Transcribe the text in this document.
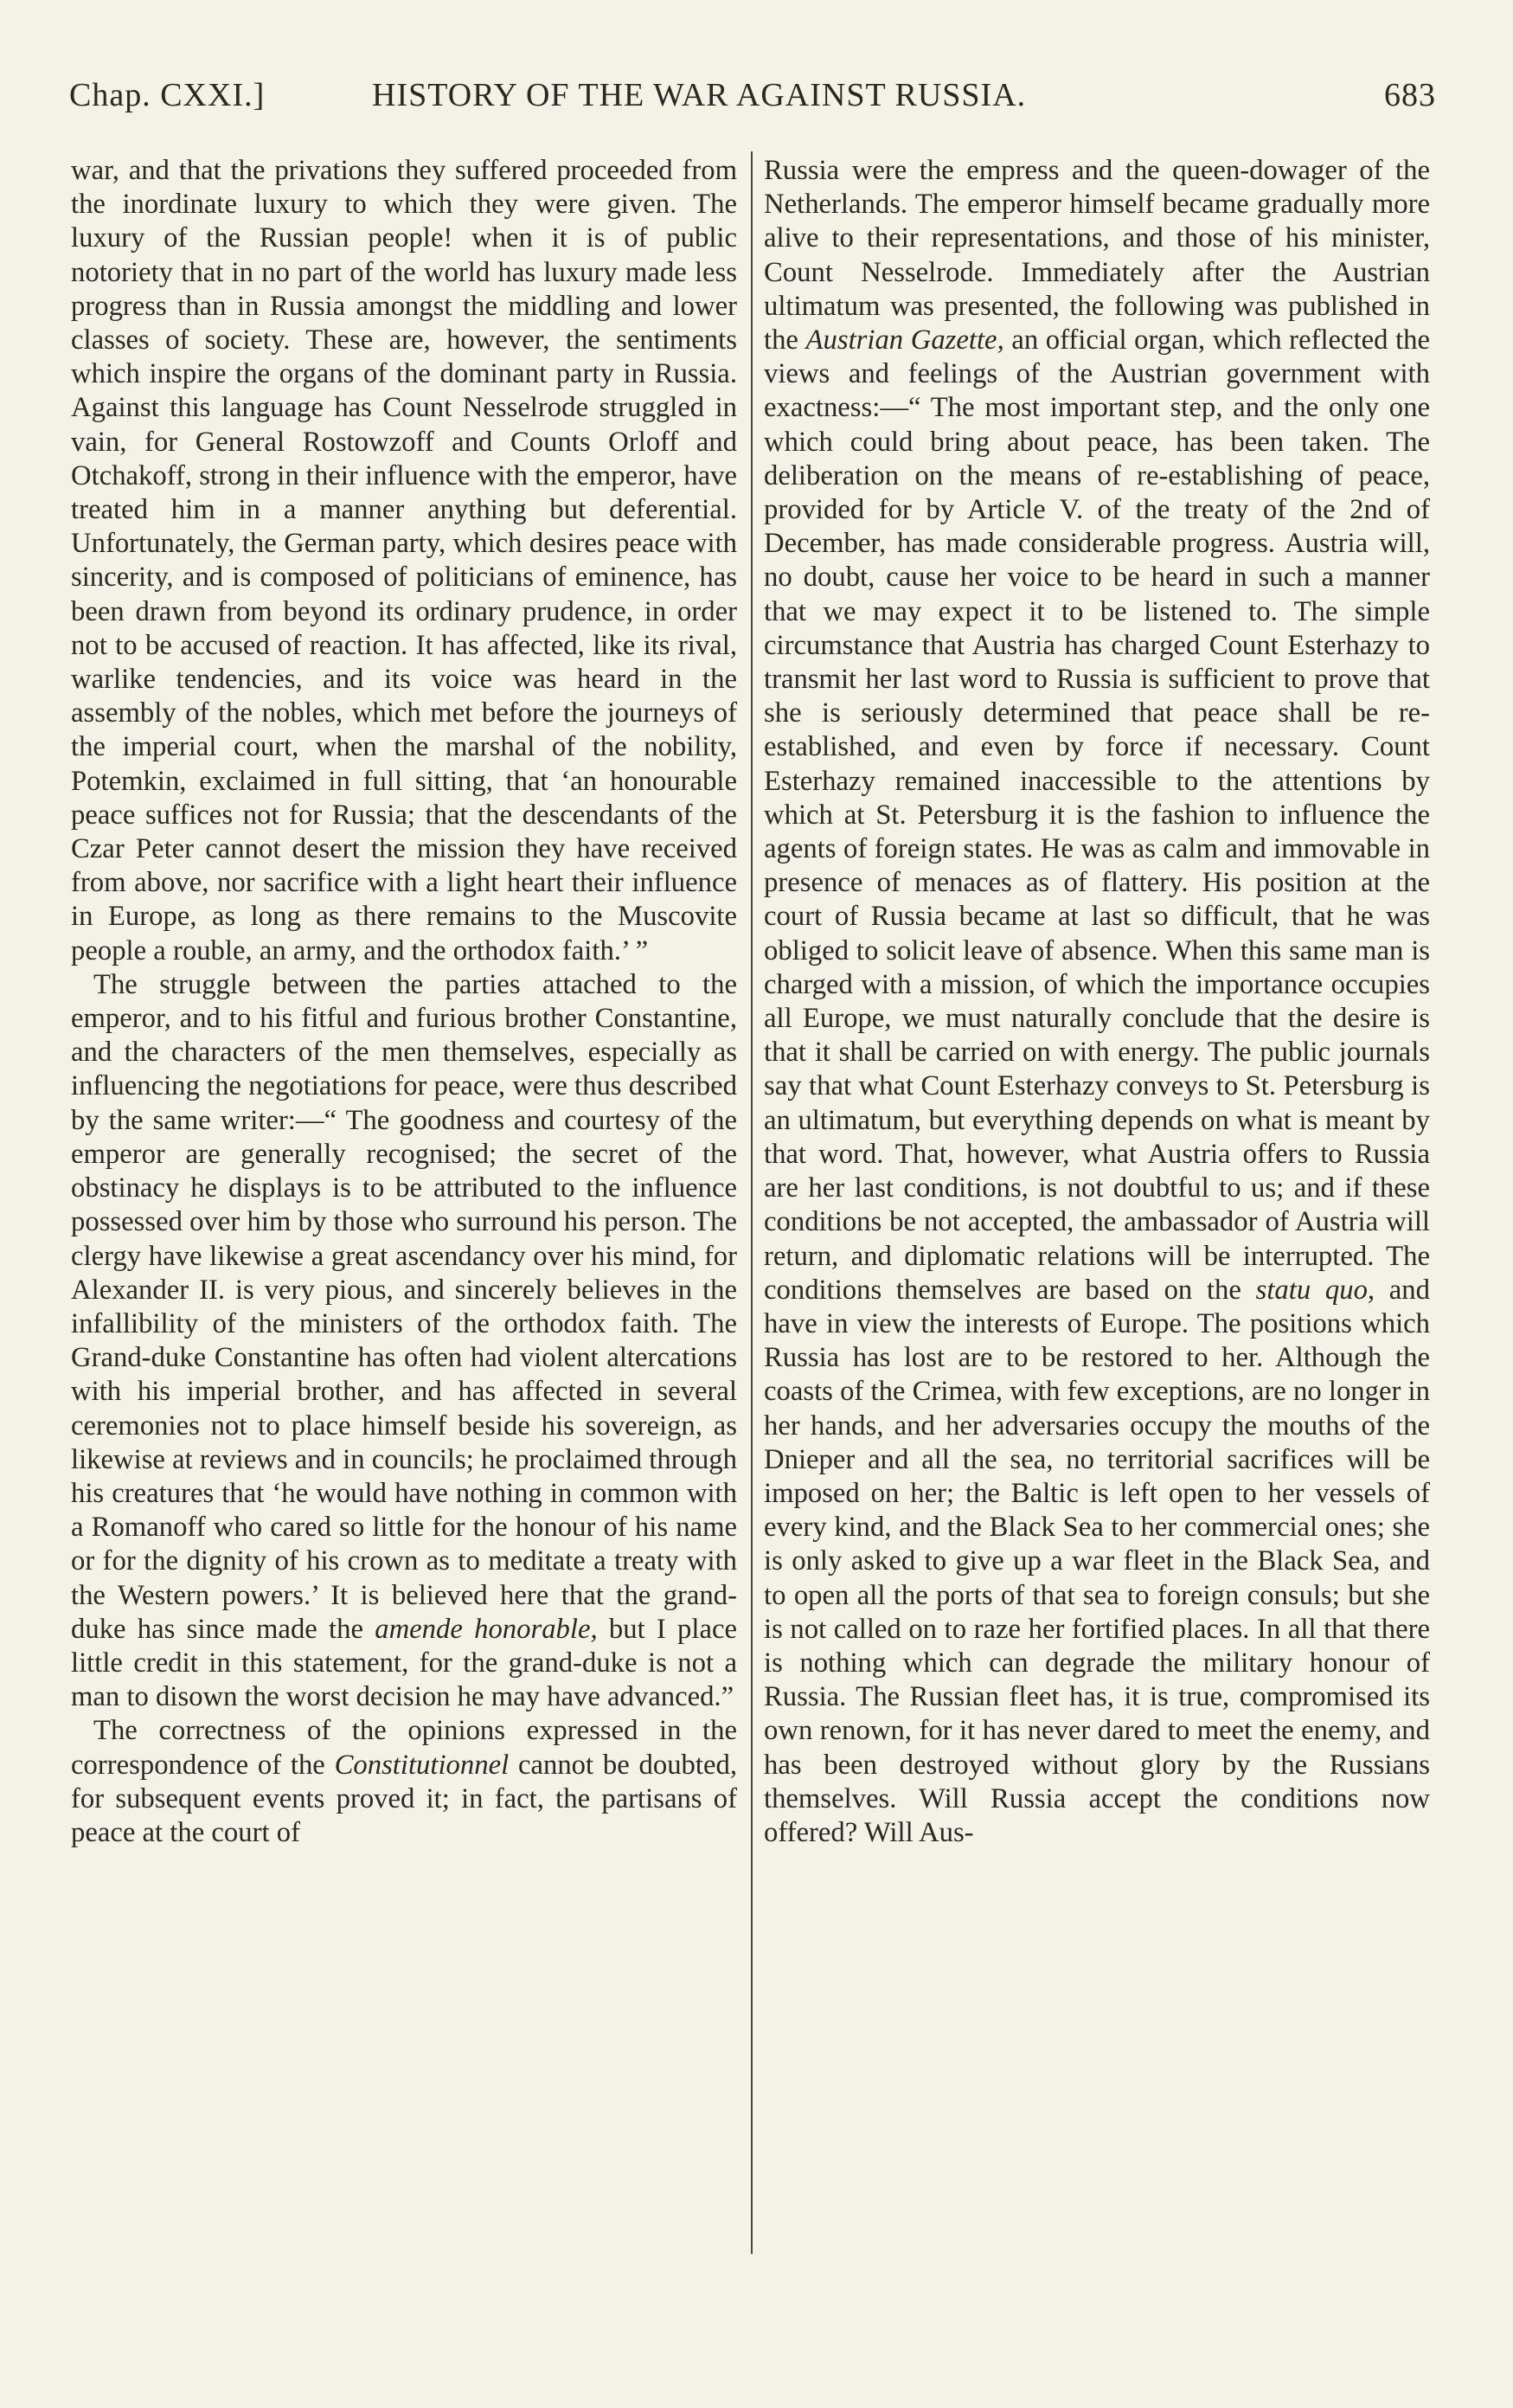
Chap. CXXI.]	HISTORY OF THE WAR AGAINST RUSSIA.	683

war, and that the privations they suffered proceeded from the inordinate luxury to which they were given. The luxury of the Russian people! when it is of public notoriety that in no part of the world has luxury made less progress than in Russia amongst the middling and lower classes of society. These are, however, the sentiments which inspire the organs of the dominant party in Russia. Against this language has Count Nesselrode struggled in vain, for General Rostowzoff and Counts Orloff and Otchakoff, strong in their influence with the emperor, have treated him in a manner anything but deferential. Unfortunately, the German party, which desires peace with sincerity, and is composed of politicians of eminence, has been drawn from beyond its ordinary prudence, in order not to be accused of reaction. It has affected, like its rival, warlike tendencies, and its voice was heard in the assembly of the nobles, which met before the journeys of the imperial court, when the marshal of the nobility, Potemkin, exclaimed in full sitting, that ‘an honourable peace suffices not for Russia; that the descendants of the Czar Peter cannot desert the mission they have received from above, nor sacrifice with a light heart their influence in Europe, as long as there remains to the Muscovite people a rouble, an army, and the orthodox faith.’ ”

The struggle between the parties attached to the emperor, and to his fitful and furious brother Constantine, and the characters of the men themselves, especially as influencing the negotiations for peace, were thus described by the same writer:—“ The goodness and courtesy of the emperor are generally recognised; the secret of the obstinacy he displays is to be attributed to the influence possessed over him by those who surround his person. The clergy have likewise a great ascendancy over his mind, for Alexander II. is very pious, and sincerely believes in the infallibility of the ministers of the orthodox faith. The Grand-duke Constantine has often had violent altercations with his imperial brother, and has affected in several ceremonies not to place himself beside his sovereign, as likewise at reviews and in councils; he proclaimed through his creatures that ‘he would have nothing in common with a Romanoff who cared so little for the honour of his name or for the dignity of his crown as to meditate a treaty with the Western powers.’ It is believed here that the grand-duke has since made the amende honorable, but I place little credit in this statement, for the grand-duke is not a man to disown the worst decision he may have advanced.”

The correctness of the opinions expressed in the correspondence of the Constitutionnel cannot be doubted, for subsequent events proved it; in fact, the partisans of peace at the court of

Russia were the empress and the queen-dowager of the Netherlands. The emperor himself became gradually more alive to their representations, and those of his minister, Count Nesselrode. Immediately after the Austrian ultimatum was presented, the following was published in the Austrian Gazette, an official organ, which reflected the views and feelings of the Austrian government with exactness:—“ The most important step, and the only one which could bring about peace, has been taken. The deliberation on the means of re-establishing of peace, provided for by Article V. of the treaty of the 2nd of December, has made considerable progress. Austria will, no doubt, cause her voice to be heard in such a manner that we may expect it to be listened to. The simple circumstance that Austria has charged Count Esterhazy to transmit her last word to Russia is sufficient to prove that she is seriously determined that peace shall be re-established, and even by force if necessary. Count Esterhazy remained inaccessible to the attentions by which at St. Petersburg it is the fashion to influence the agents of foreign states. He was as calm and immovable in presence of menaces as of flattery. His position at the court of Russia became at last so difficult, that he was obliged to solicit leave of absence. When this same man is charged with a mission, of which the importance occupies all Europe, we must naturally conclude that the desire is that it shall be carried on with energy. The public journals say that what Count Esterhazy conveys to St. Petersburg is an ultimatum, but everything depends on what is meant by that word. That, however, what Austria offers to Russia are her last conditions, is not doubtful to us; and if these conditions be not accepted, the ambassador of Austria will return, and diplomatic relations will be interrupted. The conditions themselves are based on the statu quo, and have in view the interests of Europe. The positions which Russia has lost are to be restored to her. Although the coasts of the Crimea, with few exceptions, are no longer in her hands, and her adversaries occupy the mouths of the Dnieper and all the sea, no territorial sacrifices will be imposed on her; the Baltic is left open to her vessels of every kind, and the Black Sea to her commercial ones; she is only asked to give up a war fleet in the Black Sea, and to open all the ports of that sea to foreign consuls; but she is not called on to raze her fortified places. In all that there is nothing which can degrade the military honour of Russia. The Russian fleet has, it is true, compromised its own renown, for it has never dared to meet the enemy, and has been destroyed without glory by the Russians themselves. Will Russia accept the conditions now offered? Will Aus-
